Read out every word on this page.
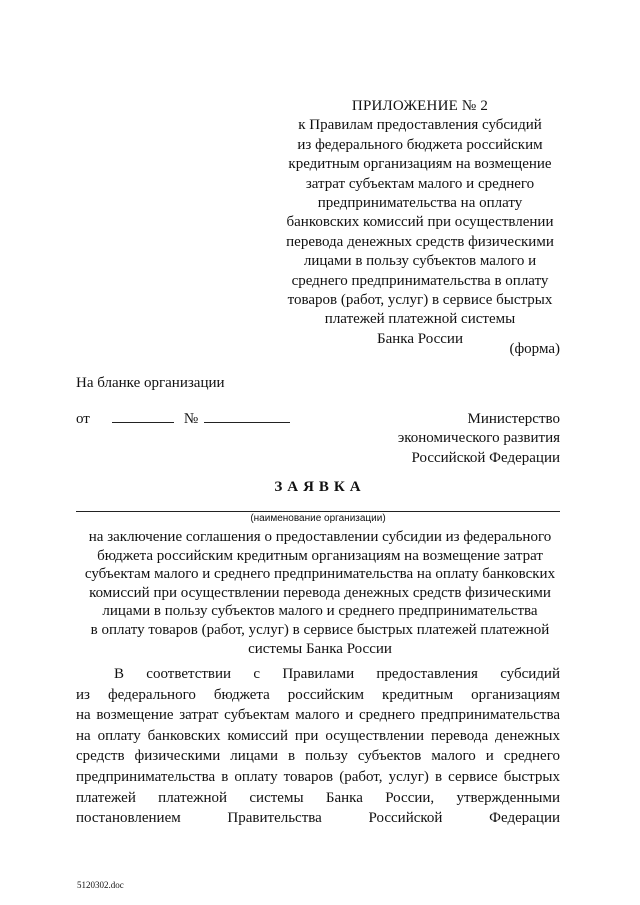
ПРИЛОЖЕНИЕ № 2
к Правилам предоставления субсидий
из федерального бюджета российским
кредитным организациям на возмещение
затрат субъектам малого и среднего
предпринимательства на оплату
банковских комиссий при осуществлении
перевода денежных средств физическими
лицами в пользу субъектов малого и
среднего предпринимательства в оплату
товаров (работ, услуг) в сервисе быстрых
платежей платежной системы
Банка России
(форма)
На бланке организации
от	№	Министерство
экономического развития
Российской Федерации
ЗАЯВКА
(наименование организации)
на заключение соглашения о предоставлении субсидии из федерального
бюджета российским кредитным организациям на возмещение затрат
субъектам малого и среднего предпринимательства на оплату банковских
комиссий при осуществлении перевода денежных средств физическими
лицами в пользу субъектов малого и среднего предпринимательства
в оплату товаров (работ, услуг) в сервисе быстрых платежей платежной
системы Банка России
В соответствии с Правилами предоставления субсидий
из федерального бюджета российским кредитным организациям
на возмещение затрат субъектам малого и среднего предпринимательства
на оплату банковских комиссий при осуществлении перевода денежных
средств физическими лицами в пользу субъектов малого и среднего
предпринимательства в оплату товаров (работ, услуг) в сервисе быстрых
платежей платежной системы Банка России, утвержденными
постановлением Правительства Российской Федерации
5120302.doc
